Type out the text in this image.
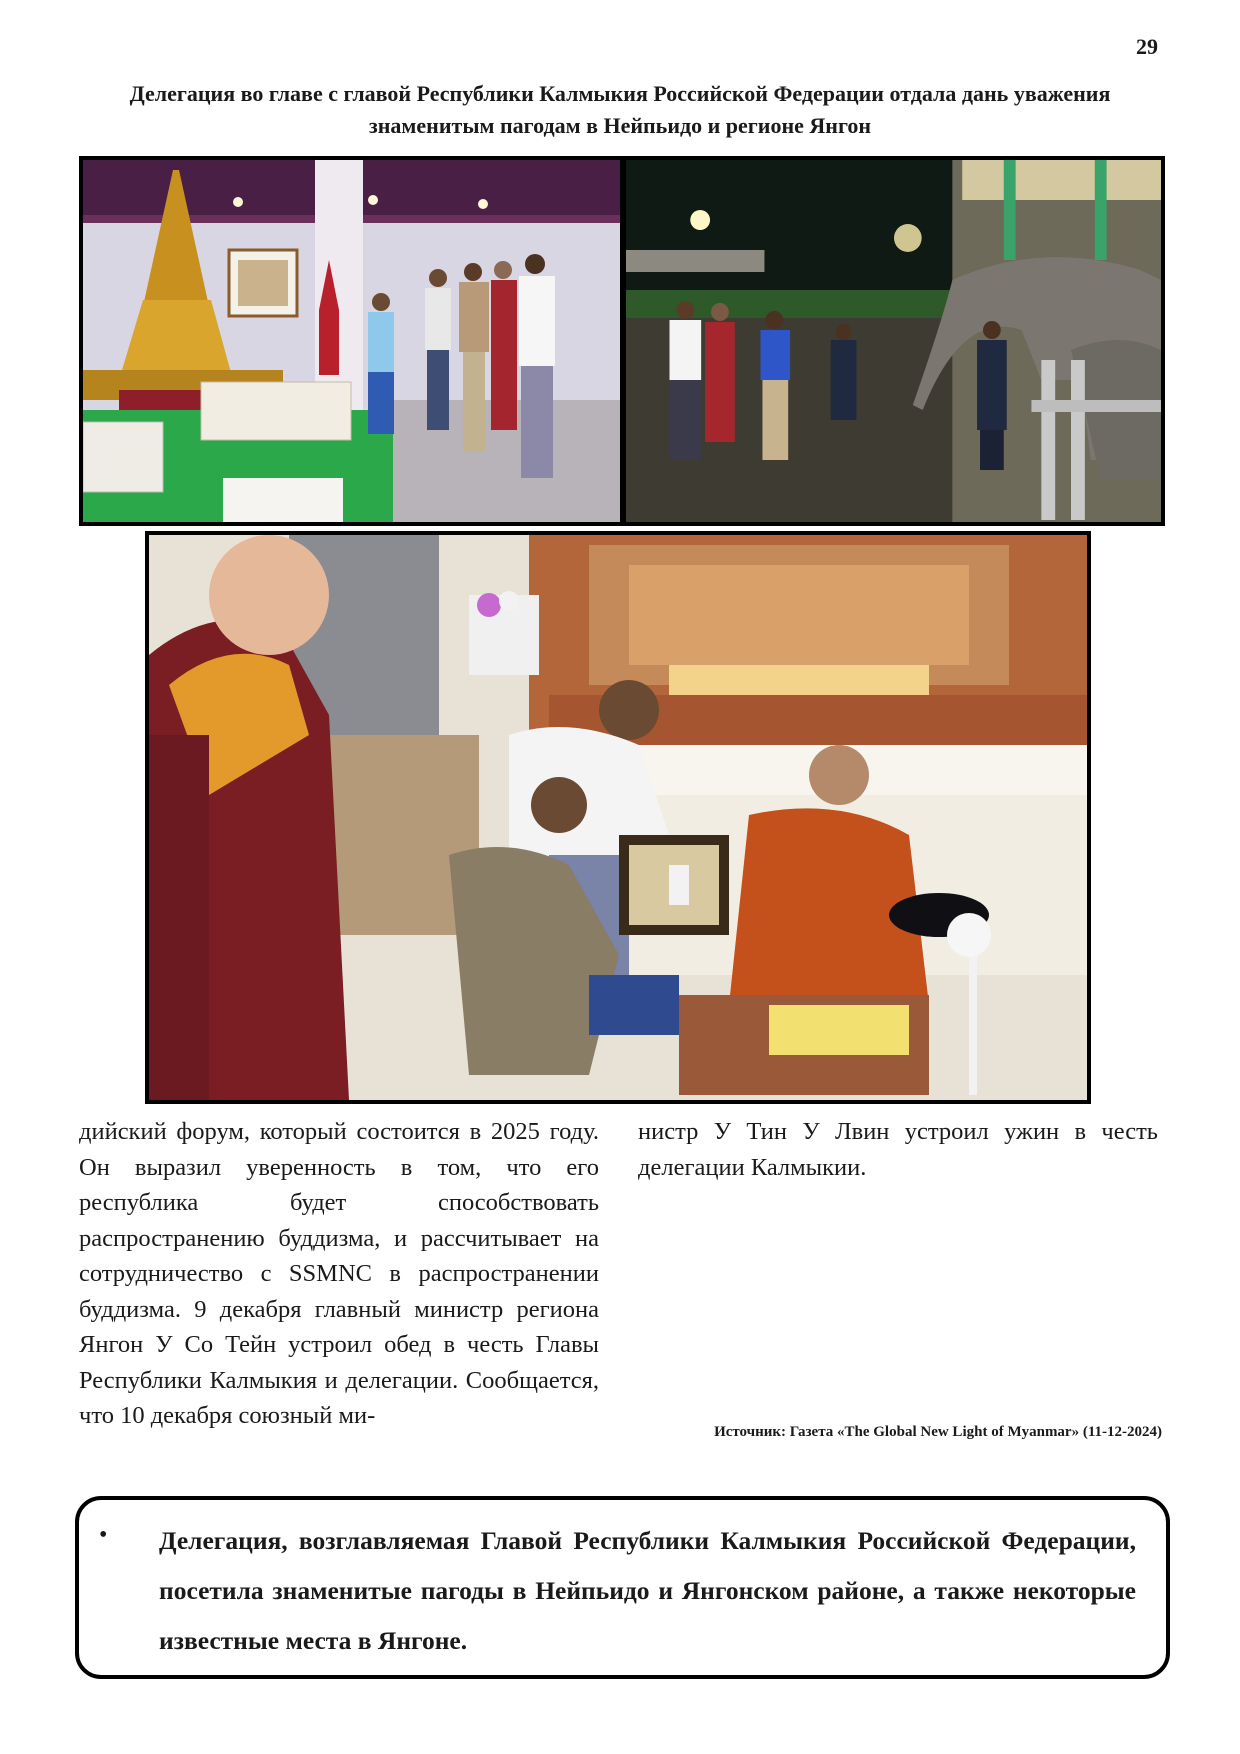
29
Делегация во главе с главой Республики Калмыкия Российской Федерации отдала дань уважения знаменитым пагодам в Нейпьидо и регионе Янгон
дийский форум, который состоится в 2025 году. Он выразил уверенность в том, что его республика будет способствовать распространению буддизма, и рассчитывает на сотрудничество с SSMNC в распространении буддизма. 9 декабря главный министр региона Янгон У Со Тейн устроил обед в честь Главы Республики Калмыкия и делегации. Сообщается, что 10 декабря союзный ми-
нистр У Тин У Лвин устроил ужин в честь делегации Калмыкии.
Источник: Газета «The Global New Light of Myanmar» (11-12-2024)
• Делегация, возглавляемая Главой Республики Калмыкия Российской Федерации, посетила знаменитые пагоды в Нейпьидо и Янгонском районе, а также некоторые известные места в Янгоне.
